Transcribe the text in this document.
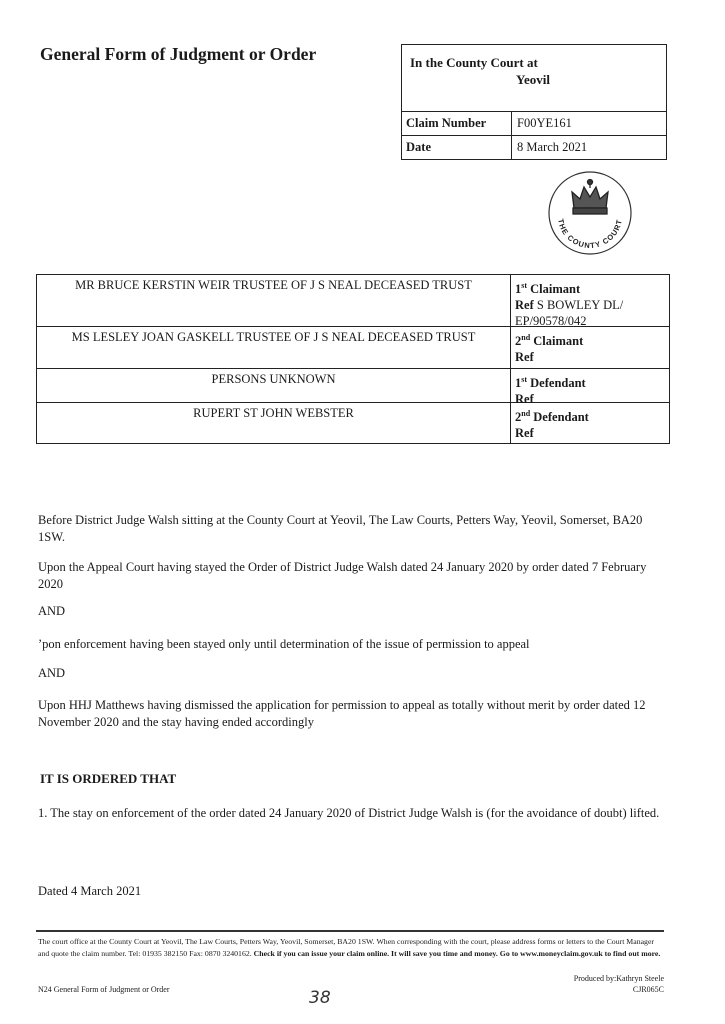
General Form of Judgment or Order	In the County Court at
Yeovil
Claim Number	F00YE161
Date	8 March 2021
THE COUNTY COURT
MR BRUCE KERSTIN WEIR TRUSTEE OF J S NEAL DECEASED TRUST	1st Claimant
Ref S BOWLEY DL/ EP/90578/042
MS LESLEY JOAN GASKELL TRUSTEE OF J S NEAL DECEASED TRUST	2nd Claimant
Ref
PERSONS UNKNOWN	1st Defendant
Ref
RUPERT ST JOHN WEBSTER	2nd Defendant
Ref
Before District Judge Walsh sitting at the County Court at Yeovil, The Law Courts, Petters Way, Yeovil, Somerset, BA20 1SW.
Upon the Appeal Court having stayed the Order of District Judge Walsh dated 24 January 2020 by order dated 7 February 2020
AND
ʼpon enforcement having been stayed only until determination of the issue of permission to appeal
AND
Upon HHJ Matthews having dismissed the application for permission to appeal as totally without merit by order dated 12 November 2020 and the stay having ended accordingly
IT IS ORDERED THAT
1. The stay on enforcement of the order dated 24 January 2020 of District Judge Walsh is (for the avoidance of doubt) lifted.
Dated 4 March 2021
The court office at the County Court at Yeovil, The Law Courts, Petters Way, Yeovil, Somerset, BA20 1SW. When corresponding with the court, please address forms or letters to the Court Manager and quote the claim number. Tel: 01935 382150 Fax: 0870 3240162. Check if you can issue your claim online. It will save you time and money. Go to www.moneyclaim.gov.uk to find out more.
Produced by:Kathryn Steele
CJR065C
N24 General Form of Judgment or Order	38
